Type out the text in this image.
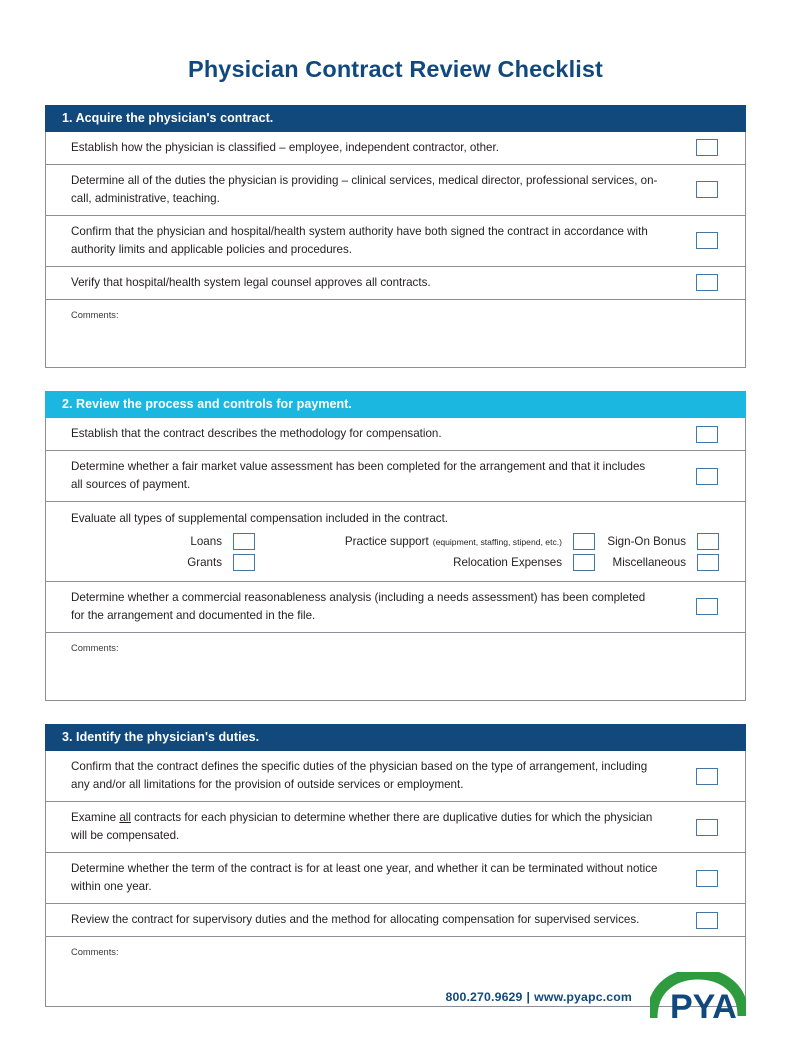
Physician Contract Review Checklist
1. Acquire the physician's contract.
Establish how the physician is classified – employee, independent contractor, other.
Determine all of the duties the physician is providing – clinical services, medical director, professional services, on-call, administrative, teaching.
Confirm that the physician and hospital/health system authority have both signed the contract in accordance with authority limits and applicable policies and procedures.
Verify that hospital/health system legal counsel approves all contracts.
Comments:
2. Review the process and controls for payment.
Establish that the contract describes the methodology for compensation.
Determine whether a fair market value assessment has been completed for the arrangement and that it includes all sources of payment.
Evaluate all types of supplemental compensation included in the contract.
Loans	Practice support (equipment, staffing, stipend, etc.)	Sign-On Bonus
Grants	Relocation Expenses	Miscellaneous
Determine whether a commercial reasonableness analysis (including a needs assessment) has been completed for the arrangement and documented in the file.
Comments:
3. Identify the physician's duties.
Confirm that the contract defines the specific duties of the physician based on the type of arrangement, including any and/or all limitations for the provision of outside services or employment.
Examine all contracts for each physician to determine whether there are duplicative duties for which the physician will be compensated.
Determine whether the term of the contract is for at least one year, and whether it can be terminated without notice within one year.
Review the contract for supervisory duties and the method for allocating compensation for supervised services.
Comments:
800.270.9629 | www.pyapc.com PYA
